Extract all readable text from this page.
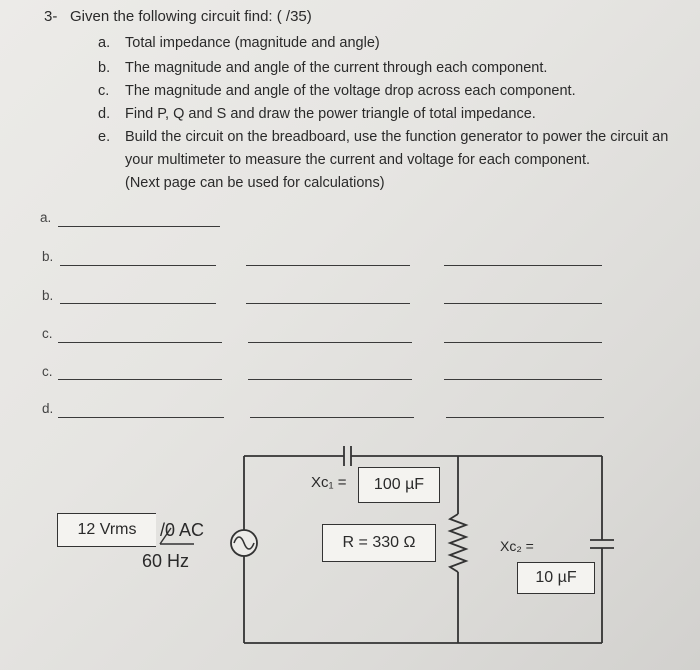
3- Given the following circuit find: ( /35)
a. Total impedance (magnitude and angle)
b. The magnitude and angle of the current through each component.
c. The magnitude and angle of the voltage drop across each component.
d. Find P, Q and S and draw the power triangle of total impedance.
e. Build the circuit on the breadboard, use the function generator to power the circuit an
your multimeter to measure the current and voltage for each component.
(Next page can be used for calculations)
a.
b.
b.
c.
c.
d.
Xc₁ = 100 µF
12 Vrms /0 AC
60 Hz
R = 330 Ω	Xc₂ =
10 µF
